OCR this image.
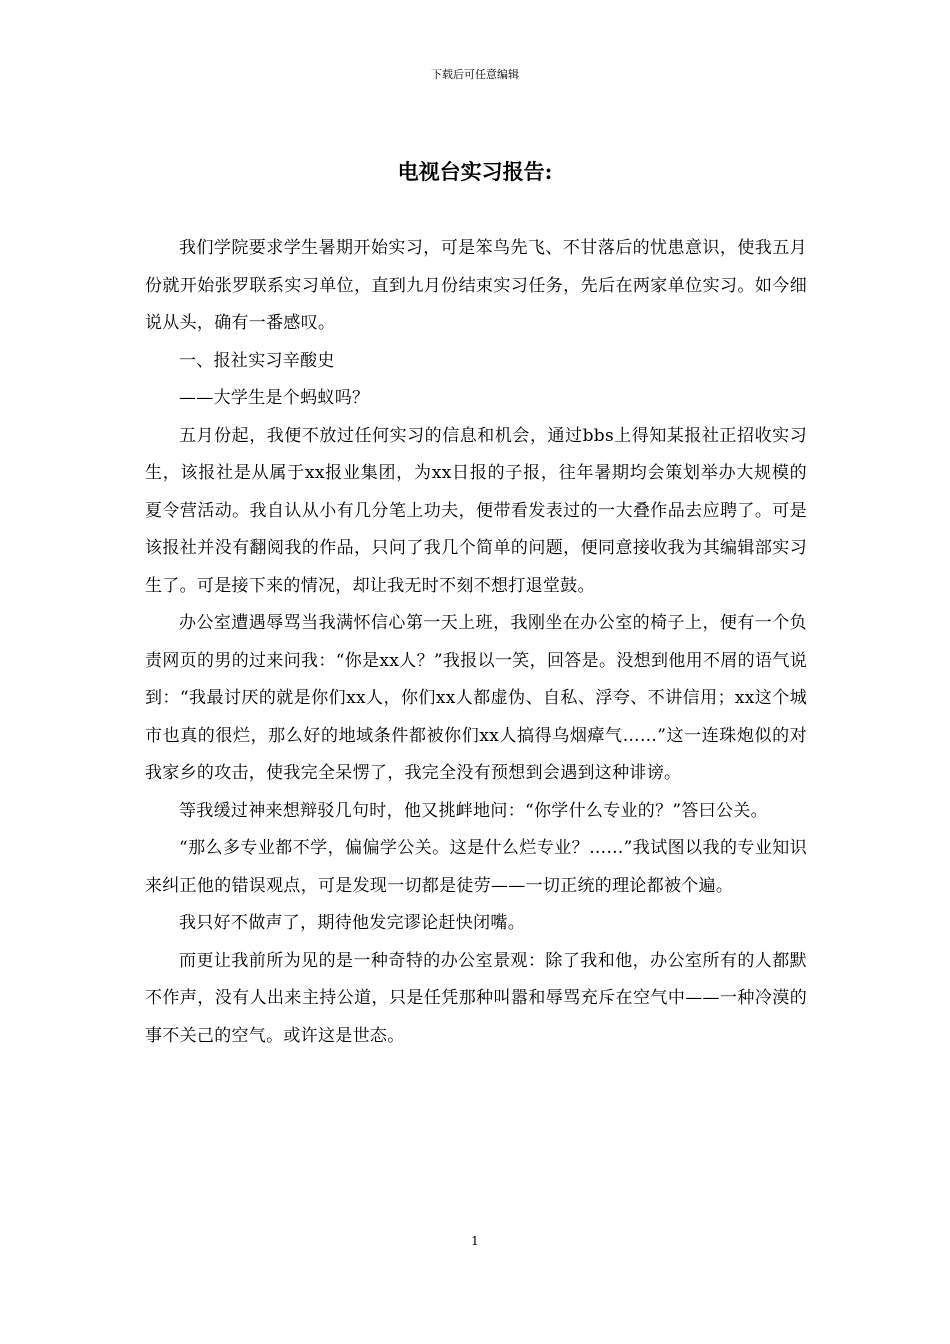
下载后可任意编辑
电视台实习报告:

我们学院要求学生暑期开始实习，可是笨鸟先飞、不甘落后的忧患意识，使我五月份就开始张罗联系实习单位，直到九月份结束实习任务，先后在两家单位实习。如今细说从头，确有一番感叹。

一、报社实习辛酸史

——大学生是个蚂蚁吗？

五月份起，我便不放过任何实习的信息和机会，通过bbs上得知某报社正招收实习生，该报社是从属于xx报业集团，为xx日报的子报，往年暑期均会策划举办大规模的夏令营活动。我自认从小有几分笔上功夫，便带看发表过的一大叠作品去应聘了。可是该报社并没有翻阅我的作品，只问了我几个简单的问题，便同意接收我为其编辑部实习生了。可是接下来的情况，却让我无时不刻不想打退堂鼓。

办公室遭遇辱骂当我满怀信心第一天上班，我刚坐在办公室的椅子上，便有一个负责网页的男的过来问我：“你是xx人？”我报以一笑，回答是。没想到他用不屑的语气说到：“我最讨厌的就是你们xx人，你们xx人都虚伪、自私、浮夸、不讲信用；xx这个城市也真的很烂，那么好的地域条件都被你们xx人搞得乌烟瘴气……”这一连珠炮似的对我家乡的攻击，使我完全呆愣了，我完全没有预想到会遇到这种诽谤。

等我缓过神来想辩驳几句时，他又挑衅地问：“你学什么专业的？”答曰公关。

“那么多专业都不学，偏偏学公关。这是什么烂专业？……”我试图以我的专业知识来纠正他的错误观点，可是发现一切都是徒劳——一切正统的理论都被个遍。

我只好不做声了，期待他发完谬论赶快闭嘴。

而更让我前所为见的是一种奇特的办公室景观：除了我和他，办公室所有的人都默不作声，没有人出来主持公道，只是任凭那种叫嚣和辱骂充斥在空气中——一种冷漠的事不关己的空气。或许这是世态。

1
